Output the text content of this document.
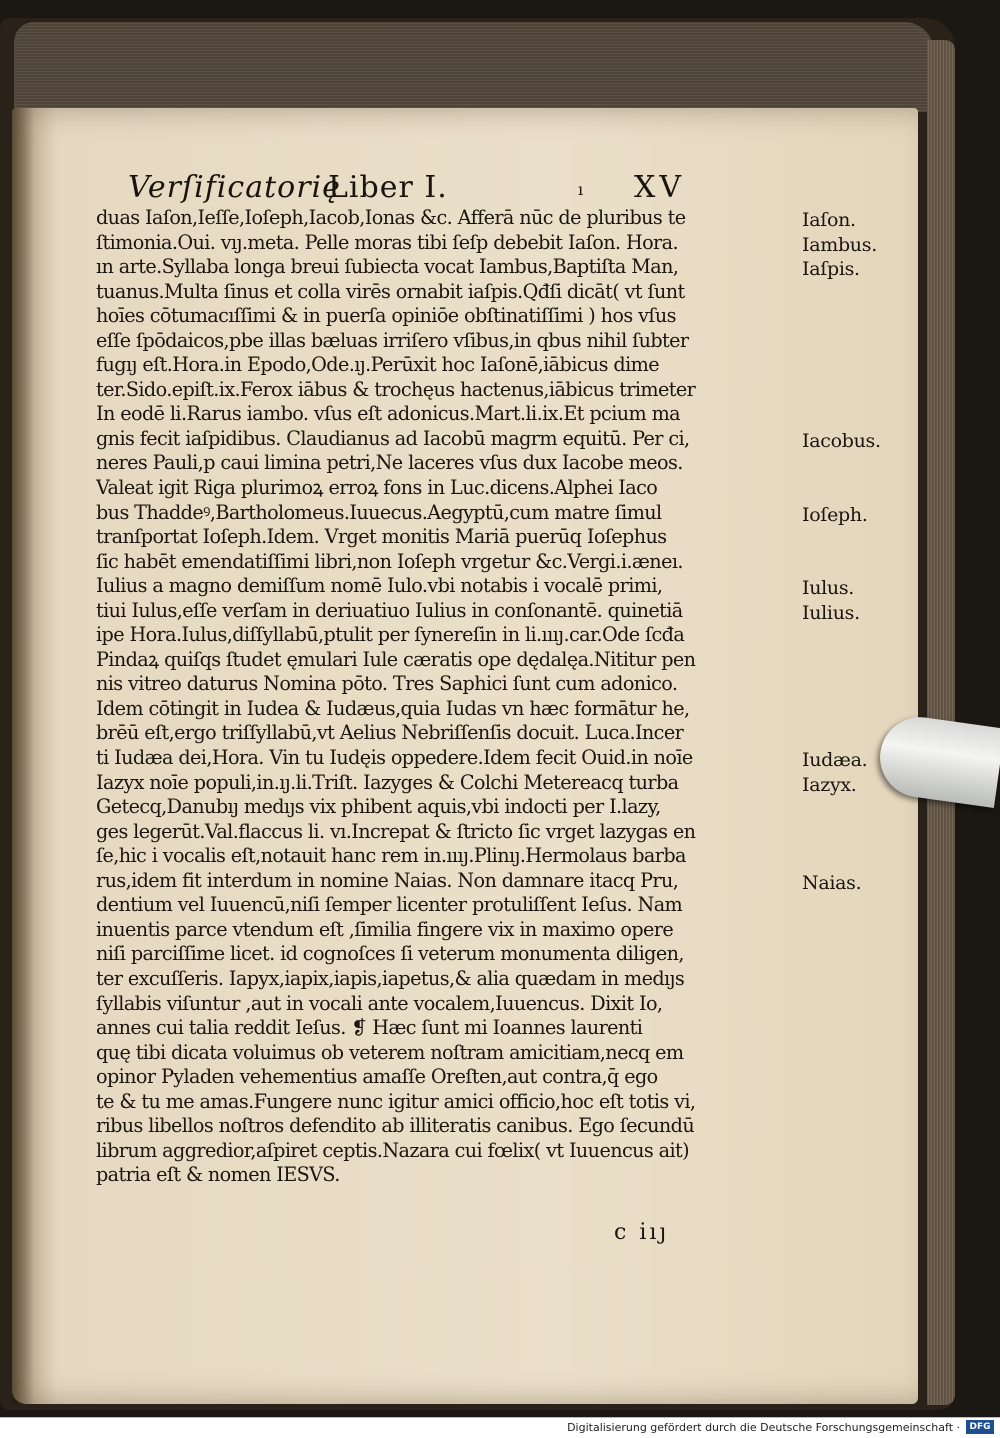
Verſificatorię
Liber I.	ı XV
duas Iaſon,Ieſſe,Ioſeph,Iacob,Ionas &c. Afferā nūc de pluribus te
ſtimonia.Oui. vıȷ.meta. Pelle moras tibi ſeſp debebit Iaſon. Hora.
ın arte.Syllaba longa breui ſubiecta vocat Iambus,Baptiſta Man,
tuanus.Multa ſinus et colla virēs ornabit iaſpis.Qđſi dicāt( vt ſunt
hoīes cōtumacıſſimi & in puerſa opiniōe obſtinatiſſimi ) hos vſus
eſſe ſpōdaicos,pbe illas bæluas irriſero vſibus,in qbus nihil ſubter
fugıȷ eſt.Hora.in Epodo,Ode.ıȷ.Perūxit hoc Iaſonē,iābicus dime
ter.Sido.epiſt.ix.Ferox iābus & trochęus hactenus,iābicus trimeter
In eodē li.Rarus iambo. vſus eſt adonicus.Mart.li.ix.Et pcium ma
gnis fecit iaſpidibus. Claudianus ad Iacobū magrm equitū. Per ci,
neres Pauli,p caui limina petri,Ne laceres vſus dux Iacobe meos.
Valeat igit Riga plurimoꝝ erroꝝ fons in Luc.dicens.Alphei Iaco
bus Thaddeꝰ,Bartholomeus.Iuuecus.Aegyptū,cum matre ſimul
tranſportat Ioſeph.Idem. Vrget monitis Mariā puerūq Ioſephus
ſic habēt emendatiſſimi libri,non Ioſeph vrgetur &c.Vergi.i.æneı.
Iulius a magno demiſſum nomē Iulo.vbi notabis i vocalē primi,
tiui Iulus,eſſe verſam in deriuatiuo Iulius in conſonantē. quinetiā
ipe Hora.Iulus,diſſyllabū,ptulit per ſynereſin in li.ıııȷ.car.Ode ſcđa
Pindaꝝ quiſqs ſtudet ęmulari Iule cæratis ope dędalęa.Nititur pen
nis vitreo daturus Nomina pōto. Tres Saphici ſunt cum adonico.
Idem cōtingit in Iudea & Iudæus,quia Iudas vn hæc formātur he,
brēū eſt,ergo triſſyllabū,vt Aelius Nebriſſenſis docuit. Luca.Incer
ti Iudæa dei,Hora. Vin tu Iudęis oppedere.Idem fecit Ouid.in noīe
Iazyx noīe populi,in.ıȷ.li.Triſt. Iazyges & Colchi Metereacq turba
Getecq,Danubıȷ medıȷs vix phibent aquis,vbi indocti per I.lazy,
ges legerūt.Val.flaccus li. vı.Increpat & ſtricto ſic vrget lazygas en
ſe,hic i vocalis eſt,notauit hanc rem in.ıııȷ.Plinıȷ.Hermolaus barba
rus,idem fit interdum in nomine Naias. Non damnare itacq Pru,
dentium vel Iuuencū,niſi ſemper licenter protuliſſent Ieſus. Nam
inuentis parce vtendum eſt ,ſimilia fingere vix in maximo opere
niſi parciſſime licet. id cognoſces ſi veterum monumenta diligen,
ter excuſſeris. Iapyx,iapix,iapis,iapetus,& alia quædam in medıȷs
ſyllabis viſuntur ,aut in vocali ante vocalem,Iuuencus. Dixit Io,
annes cui talia reddit Ieſus. ❡ Hæc ſunt mi Ioannes laurenti
quę tibi dicata voluimus ob veterem noſtram amicitiam,necq em
opinor Pyladen vehementius amaſſe Oreſten,aut contra,q̄ ego
te & tu me amas.Fungere nunc igitur amici officio,hoc eſt totis vi,
ribus libellos noſtros defendito ab illiteratis canibus. Ego ſecundū
librum aggredior,aſpiret ceptis.Nazara cui fœlix( vt Iuuencus ait)
patria eſt & nomen IESVS.
Iaſon.
Iambus.
Iaſpis.
Iacobus.
Ioſeph.
Iulus.
Iulius.
Iudæa.
Iazyx.
Naias.
c iıȷ
Digitalisierung gefördert durch die Deutsche Forschungsgemeinschaft ·	DFG
